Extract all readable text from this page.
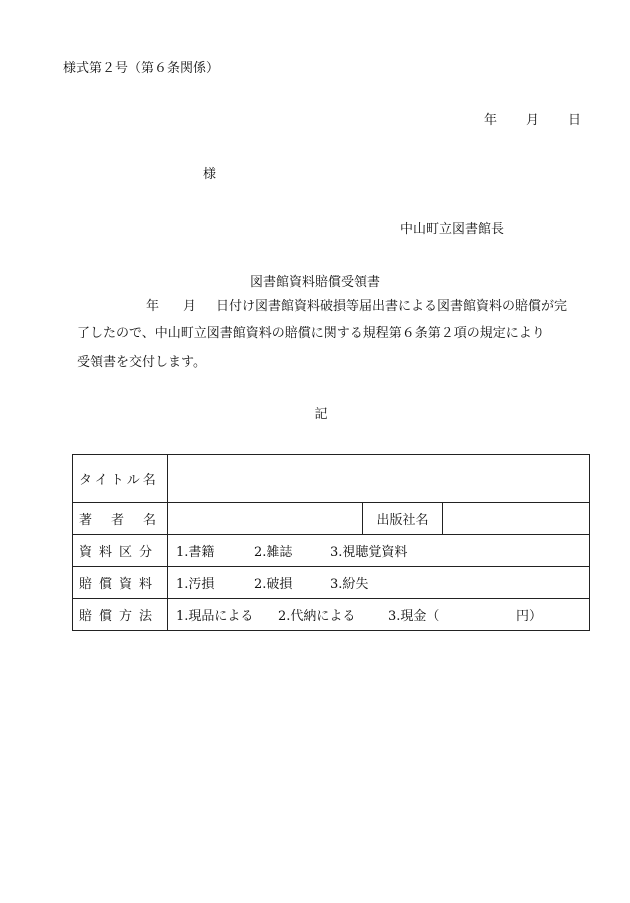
様式第２号（第６条関係）
年 月 日
様
中山町立図書館長
図書館資料賠償受領書
年 月 日付け図書館資料破損等届出書による図書館資料の賠償が完
了したので、中山町立図書館資料の賠償に関する規程第６条第２項の規定により
受領書を交付します。
記
タイトル名			
著　者　名		出版社名	
資料区分	1.書籍 2.雑誌 3.視聴覚資料		
賠償資料	1.汚損 2.破損 3.紛失		
賠償方法	1.現品による 2.代納による 3.現金（ 円）		
